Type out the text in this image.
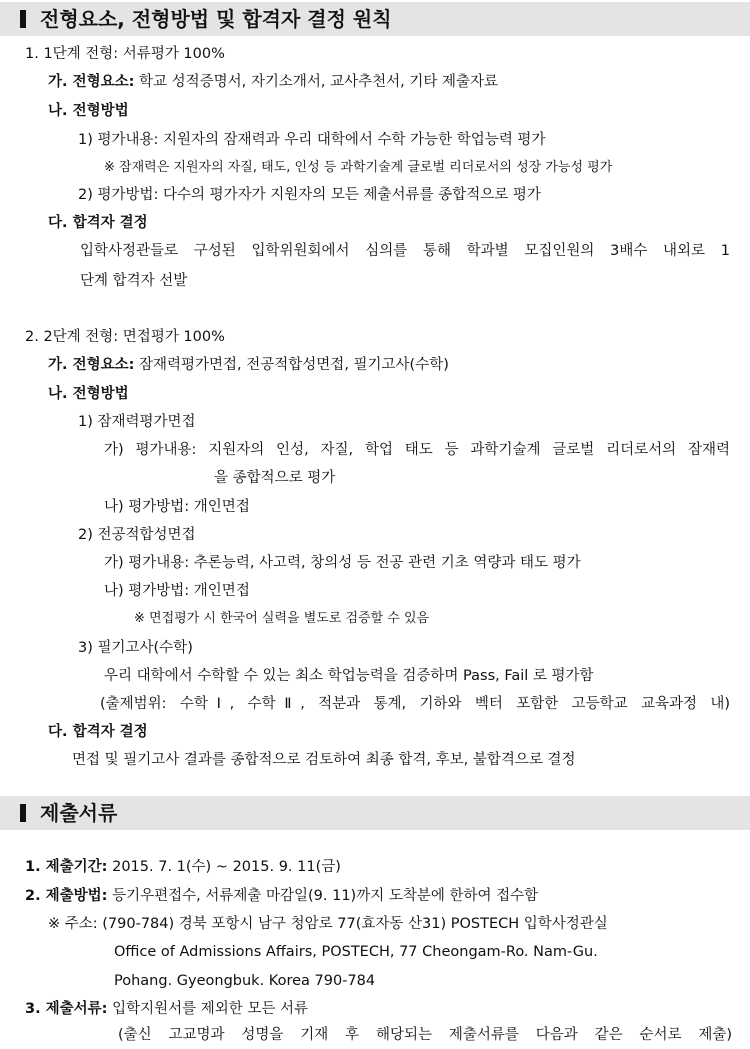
전형요소, 전형방법 및 합격자 결정 원칙
1. 1단계 전형: 서류평가 100%
가. 전형요소: 학교 성적증명서, 자기소개서, 교사추천서, 기타 제출자료
나. 전형방법
1) 평가내용: 지원자의 잠재력과 우리 대학에서 수학 가능한 학업능력 평가
※ 잠재력은 지원자의 자질, 태도, 인성 등 과학기술계 글로벌 리더로서의 성장 가능성 평가
2) 평가방법: 다수의 평가자가 지원자의 모든 제출서류를 종합적으로 평가
다. 합격자 결정
입학사정관들로 구성된 입학위원회에서 심의를 통해 학과별 모집인원의 3배수 내외로 1
단계 합격자 선발
2. 2단계 전형: 면접평가 100%
가. 전형요소: 잠재력평가면접, 전공적합성면접, 필기고사(수학)
나. 전형방법
1) 잠재력평가면접
가) 평가내용: 지원자의 인성, 자질, 학업 태도 등 과학기술계 글로벌 리더로서의 잠재력
을 종합적으로 평가
나) 평가방법: 개인면접
2) 전공적합성면접
가) 평가내용: 추론능력, 사고력, 창의성 등 전공 관련 기초 역량과 태도 평가
나) 평가방법: 개인면접
※ 면접평가 시 한국어 실력을 별도로 검증할 수 있음
3) 필기고사(수학)
우리 대학에서 수학할 수 있는 최소 학업능력을 검증하며 Pass, Fail 로 평가함
(출제범위: 수학Ⅰ, 수학Ⅱ, 적분과 통계, 기하와 벡터 포함한 고등학교 교육과정 내)
다. 합격자 결정
면접 및 필기고사 결과를 종합적으로 검토하여 최종 합격, 후보, 불합격으로 결정
제출서류
1. 제출기간: 2015. 7. 1(수) ~ 2015. 9. 11(금)
2. 제출방법: 등기우편접수, 서류제출 마감일(9. 11)까지 도착분에 한하여 접수함
※ 주소: (790-784) 경북 포항시 남구 청암로 77(효자동 산31) POSTECH 입학사정관실
Office of Admissions Affairs, POSTECH, 77 Cheongam-Ro. Nam-Gu.
Pohang. Gyeongbuk. Korea 790-784
3. 제출서류: 입학지원서를 제외한 모든 서류
(출신 고교명과 성명을 기재 후 해당되는 제출서류를 다음과 같은 순서로 제출)
